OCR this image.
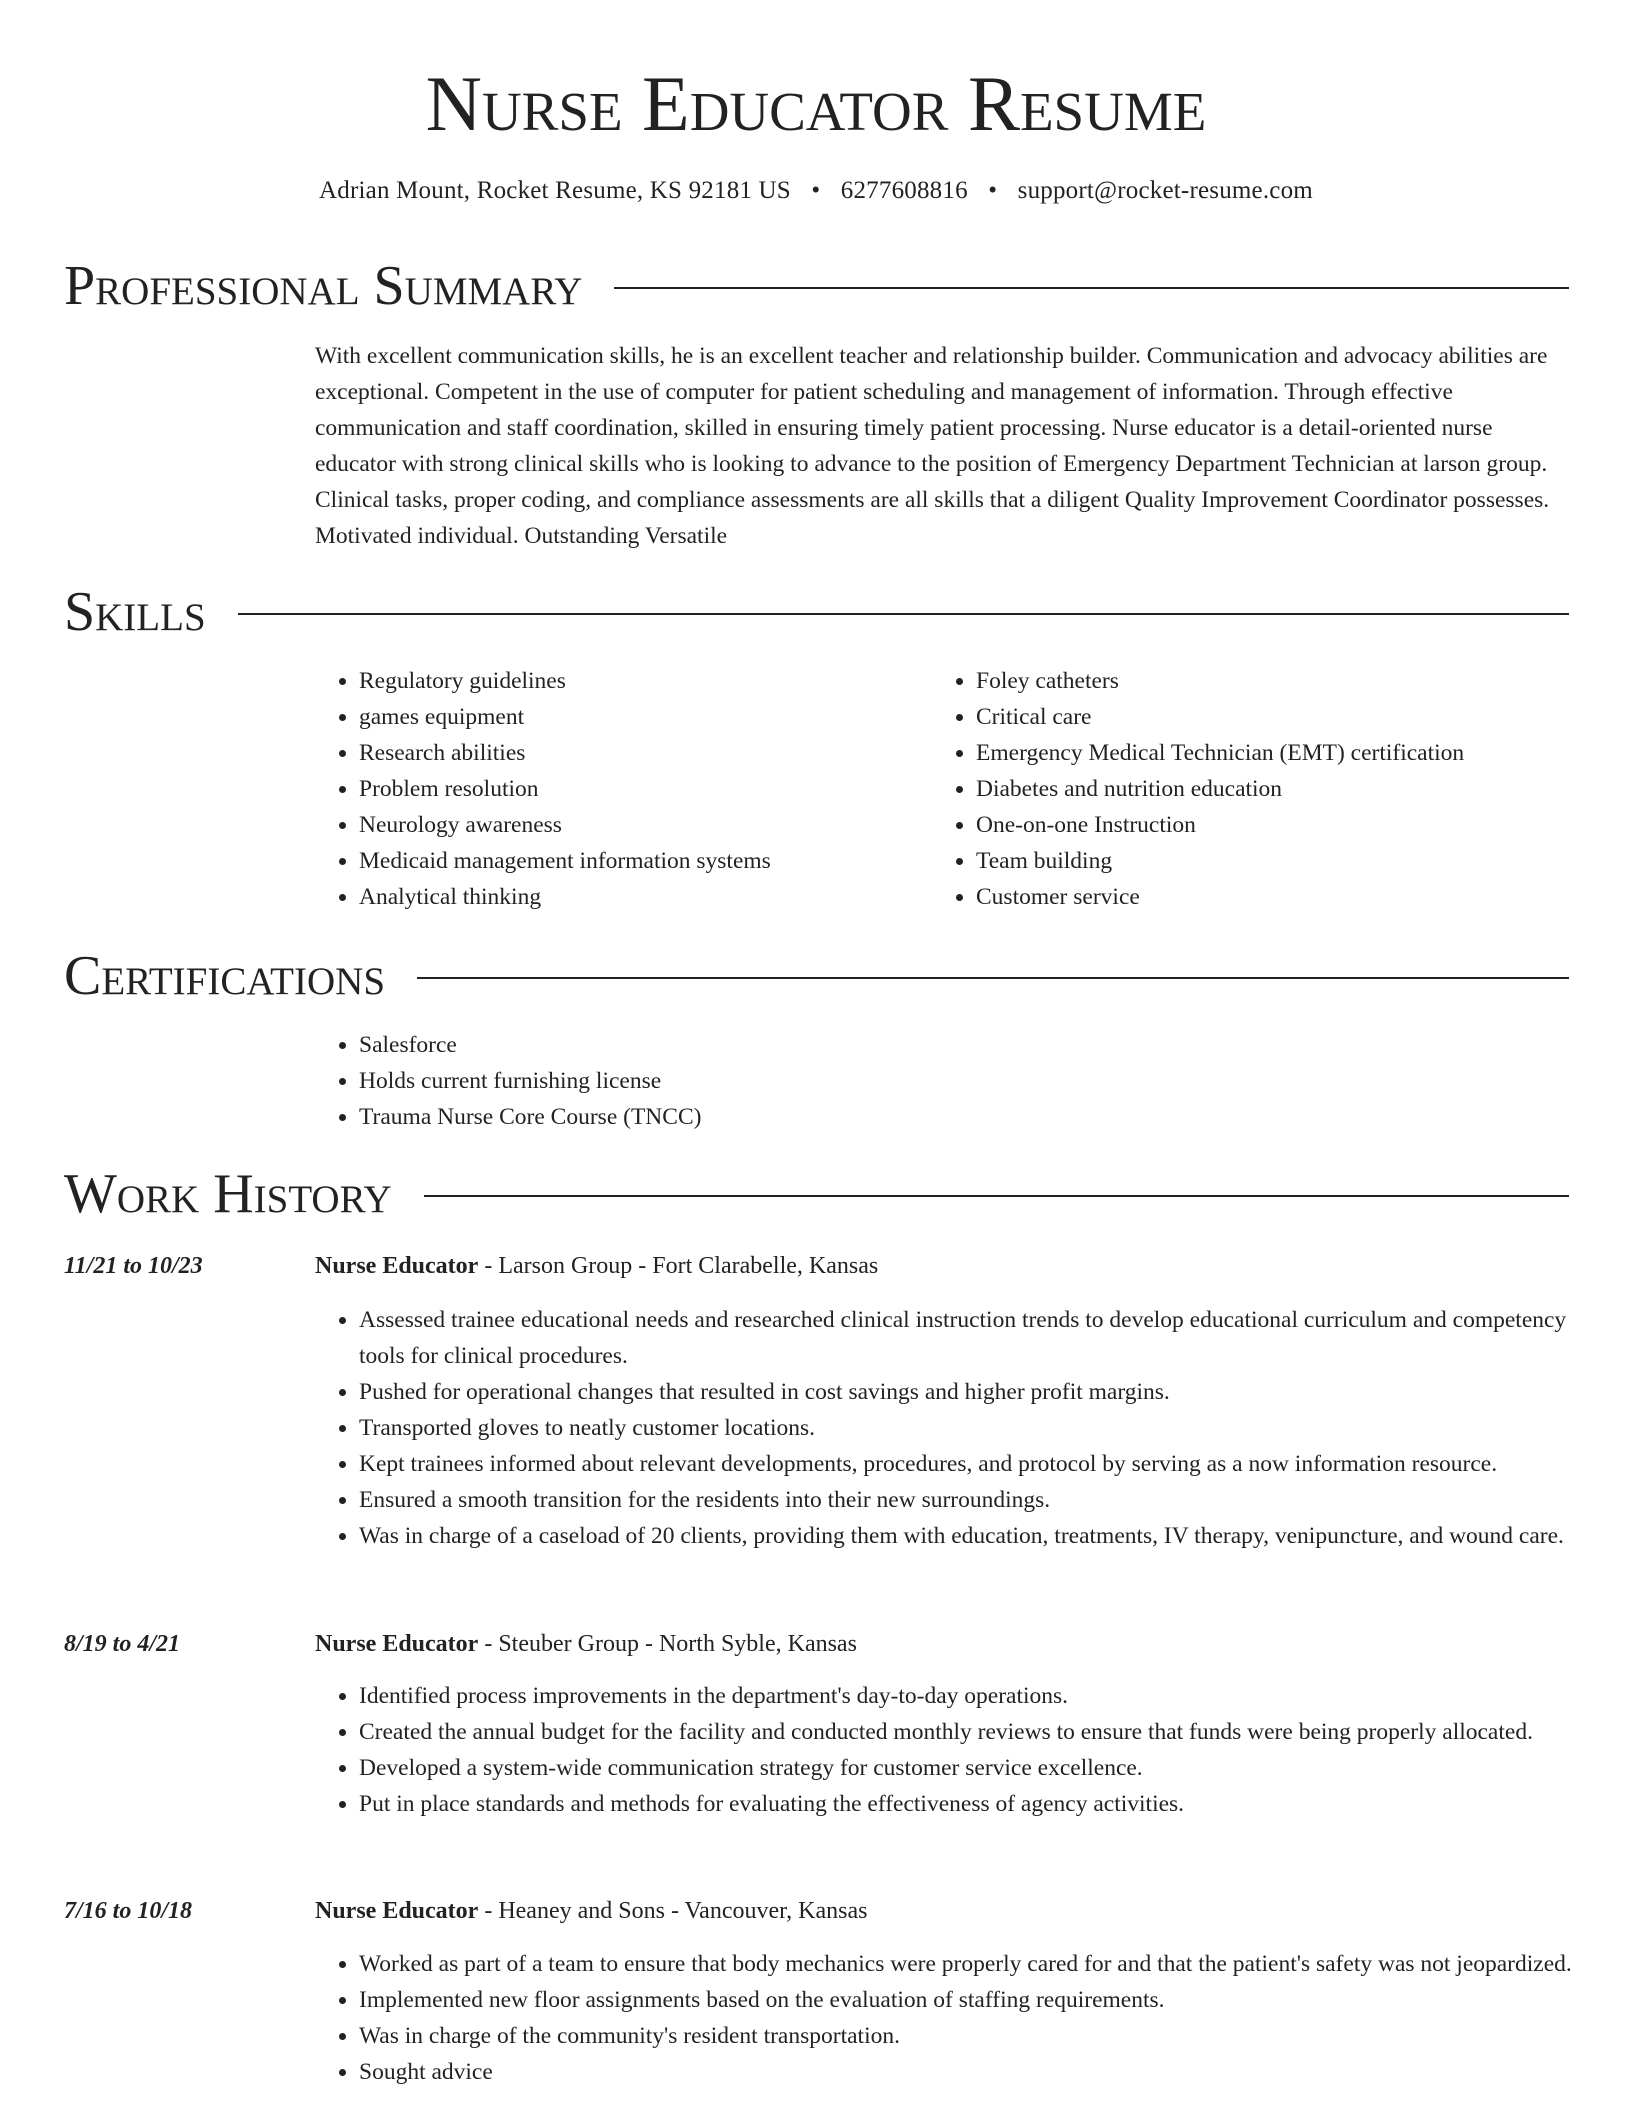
Nurse Educator Resume
Adrian Mount, Rocket Resume, KS 92181 US • 6277608816 • support@rocket-resume.com
Professional Summary

With excellent communication skills, he is an excellent teacher and relationship builder. Communication and advocacy abilities are exceptional. Competent in the use of computer for patient scheduling and management of information. Through effective communication and staff coordination, skilled in ensuring timely patient processing. Nurse educator is a detail-oriented nurse educator with strong clinical skills who is looking to advance to the position of Emergency Department Technician at larson group. Clinical tasks, proper coding, and compliance assessments are all skills that a diligent Quality Improvement Coordinator possesses. Motivated individual. Outstanding Versatile

Skills
• Regulatory guidelines
• games equipment
• Research abilities
• Problem resolution
• Neurology awareness
• Medicaid management information systems
• Analytical thinking
• Foley catheters
• Critical care
• Emergency Medical Technician (EMT) certification
• Diabetes and nutrition education
• One-on-one Instruction
• Team building
• Customer service
Certifications
• Salesforce
• Holds current furnishing license
• Trauma Nurse Core Course (TNCC)
Work History
11/21 to 10/23	Nurse Educator - Larson Group - Fort Clarabelle, Kansas
• Assessed trainee educational needs and researched clinical instruction trends to develop educational curriculum and competency tools for clinical procedures.
• Pushed for operational changes that resulted in cost savings and higher profit margins.
• Transported gloves to neatly customer locations.
• Kept trainees informed about relevant developments, procedures, and protocol by serving as a now information resource.
• Ensured a smooth transition for the residents into their new surroundings.
• Was in charge of a caseload of 20 clients, providing them with education, treatments, IV therapy, venipuncture, and wound care.
8/19 to 4/21	Nurse Educator - Steuber Group - North Syble, Kansas
• Identified process improvements in the department's day-to-day operations.
• Created the annual budget for the facility and conducted monthly reviews to ensure that funds were being properly allocated.
• Developed a system-wide communication strategy for customer service excellence.
• Put in place standards and methods for evaluating the effectiveness of agency activities.
7/16 to 10/18	Nurse Educator - Heaney and Sons - Vancouver, Kansas
• Worked as part of a team to ensure that body mechanics were properly cared for and that the patient's safety was not jeopardized.
• Implemented new floor assignments based on the evaluation of staffing requirements.
• Was in charge of the community's resident transportation.
• Sought advice
